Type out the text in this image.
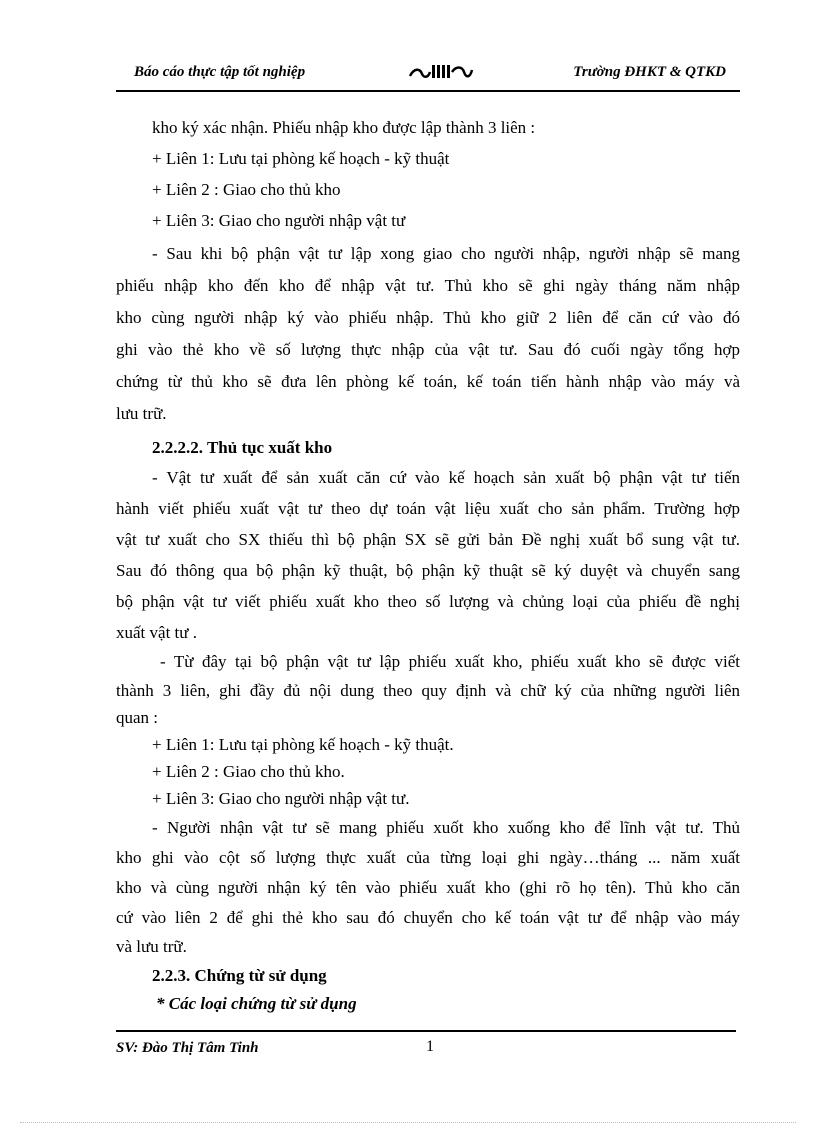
Báo cáo thực tập tốt nghiệp	Trường ĐHKT & QTKD
kho ký xác nhận. Phiếu nhập kho được lập thành 3 liên :
+ Liên 1: Lưu tại phòng kế hoạch - kỹ thuật
+ Liên 2 : Giao cho thủ kho
+ Liên 3: Giao cho người nhập vật tư
- Sau khi bộ phận vật tư lập xong giao cho người nhập, người nhập sẽ mang
phiếu nhập kho đến kho để nhập vật tư. Thủ kho sẽ ghi ngày tháng năm nhập
kho cùng người nhập ký vào phiếu nhập. Thủ kho giữ 2 liên để căn cứ vào đó
ghi vào thẻ kho về số lượng thực nhập của vật tư. Sau đó cuối ngày tổng hợp
chứng từ thủ kho sẽ đưa lên phòng kế toán, kế toán tiến hành nhập vào máy và
lưu trữ.
2.2.2.2. Thủ tục xuất kho
- Vật tư xuất để sản xuất căn cứ vào kế hoạch sản xuất bộ phận vật tư tiến
hành viết phiếu xuất vật tư theo dự toán vật liệu xuất cho sản phẩm. Trường hợp
vật tư xuất cho SX thiếu thì bộ phận SX sẽ gửi bản Đề nghị xuất bổ sung vật tư.
Sau đó thông qua bộ phận kỹ thuật, bộ phận kỹ thuật sẽ ký duyệt và chuyển sang
bộ phận vật tư viết phiếu xuất kho theo số lượng và chủng loại của phiếu đề nghị
xuất vật tư .
- Từ đây tại bộ phận vật tư lập phiếu xuất kho, phiếu xuất kho sẽ được viết
thành 3 liên, ghi đầy đủ nội dung theo quy định và chữ ký của những người liên
quan :
+ Liên 1: Lưu tại phòng kế hoạch - kỹ thuật.
+ Liên 2 : Giao cho thủ kho.
+ Liên 3: Giao cho người nhập vật tư.
- Người nhận vật tư sẽ mang phiếu xuốt kho xuống kho để lĩnh vật tư. Thủ
kho ghi vào cột số lượng thực xuất của từng loại ghi ngày…tháng ... năm xuất
kho và cùng người nhận ký tên vào phiếu xuất kho (ghi rõ họ tên). Thủ kho căn
cứ vào liên 2 để ghi thẻ kho sau đó chuyển cho kế toán vật tư để nhập vào máy
và lưu trữ.
2.2.3. Chứng từ sử dụng
* Các loại chứng từ sử dụng
SV: Đào Thị Tâm Tinh	1
